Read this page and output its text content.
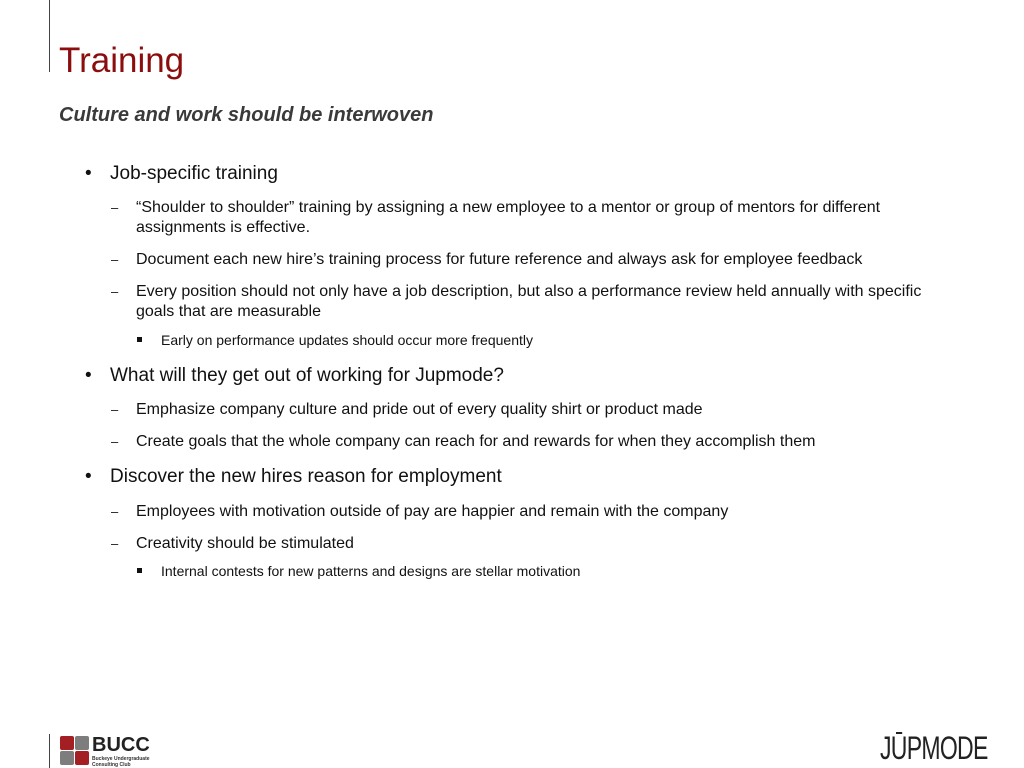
Training
Culture and work should be interwoven
• Job-specific training
– “Shoulder to shoulder” training by assigning a new employee to a mentor or group of mentors for different assignments is effective.
– Document each new hire’s training process for future reference and always ask for employee feedback
– Every position should not only have a job description, but also a performance review held annually with specific goals that are measurable
Early on performance updates should occur more frequently
• What will they get out of working for Jupmode?
– Emphasize company culture and pride out of every quality shirt or product made
– Create goals that the whole company can reach for and rewards for when they accomplish them
• Discover the new hires reason for employment
– Employees with motivation outside of pay are happier and remain with the company
– Creativity should be stimulated
Internal contests for new patterns and designs are stellar motivation
BUCC
Buckeye Undergraduate Consulting Club	JŪPMODE
